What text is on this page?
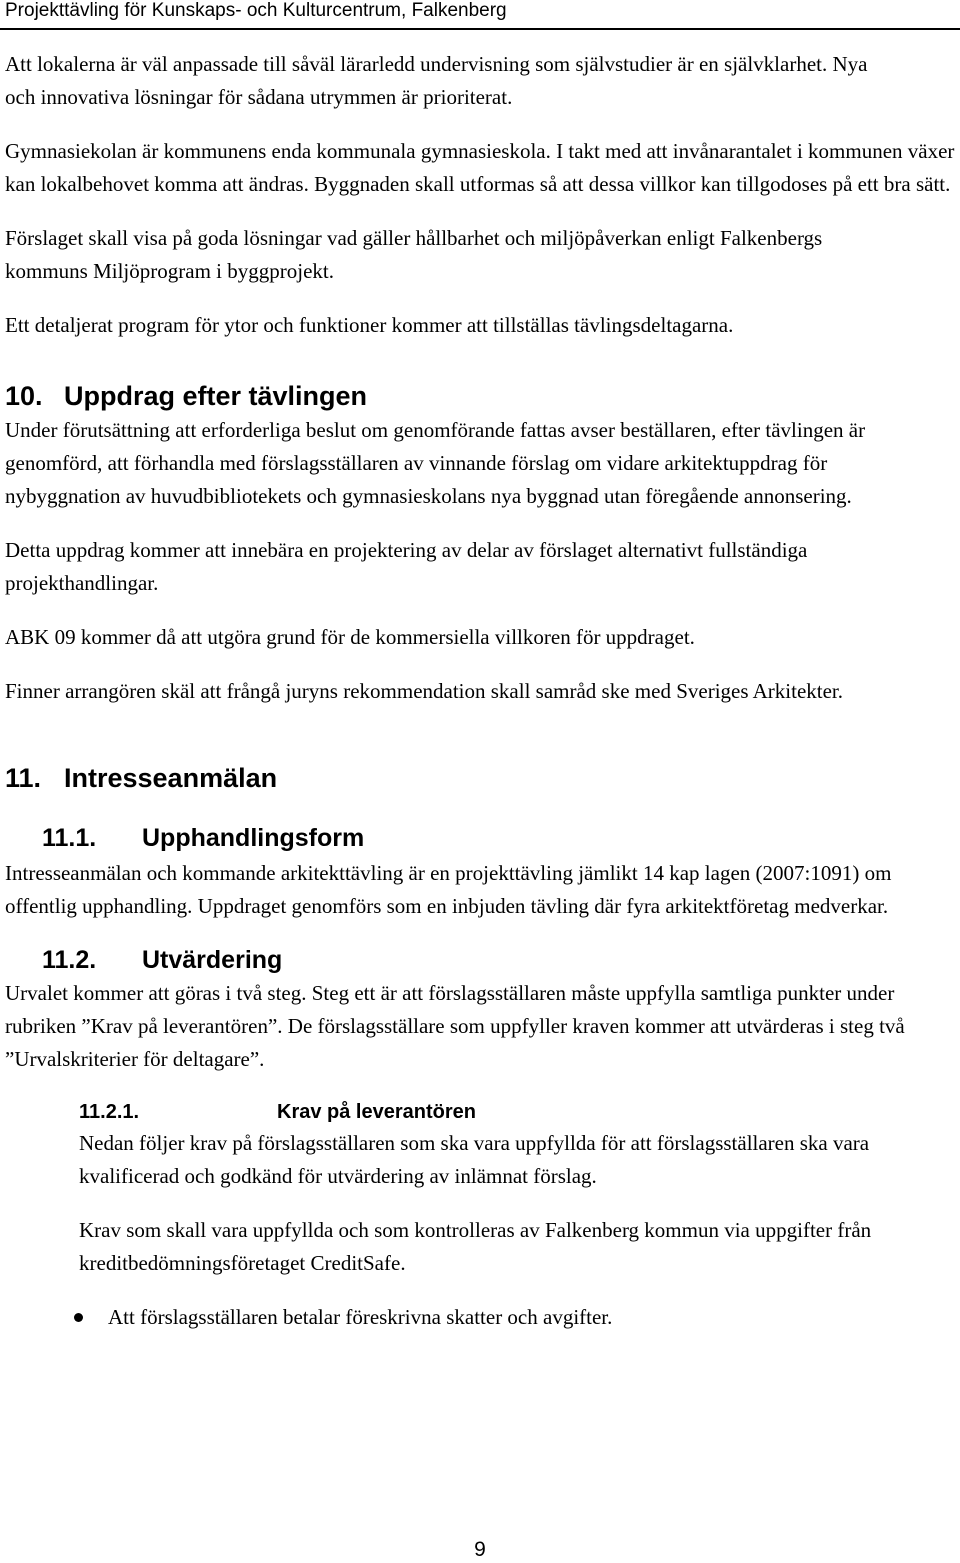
Projekttävling för Kunskaps- och Kulturcentrum, Falkenberg

Att lokalerna är väl anpassade till såväl lärarledd undervisning som självstudier är en självklarhet. Nya och innovativa lösningar för sådana utrymmen är prioriterat.

Gymnasiekolan är kommunens enda kommunala gymnasieskola. I takt med att invånarantalet i kommunen växer kan lokalbehovet komma att ändras. Byggnaden skall utformas så att dessa villkor kan tillgodoses på ett bra sätt.

Förslaget skall visa på goda lösningar vad gäller hållbarhet och miljöpåverkan enligt Falkenbergs kommuns Miljöprogram i byggprojekt.

Ett detaljerat program för ytor och funktioner kommer att tillställas tävlingsdeltagarna.

10. Uppdrag efter tävlingen

Under förutsättning att erforderliga beslut om genomförande fattas avser beställaren, efter tävlingen är genomförd, att förhandla med förslagsställaren av vinnande förslag om vidare arkitektuppdrag för nybyggnation av huvudbibliotekets och gymnasieskolans nya byggnad utan föregående annonsering.

Detta uppdrag kommer att innebära en projektering av delar av förslaget alternativt fullständiga projekthandlingar.

ABK 09 kommer då att utgöra grund för de kommersiella villkoren för uppdraget.

Finner arrangören skäl att frångå juryns rekommendation skall samråd ske med Sveriges Arkitekter.

11. Intresseanmälan
11.1.	Upphandlingsform

Intresseanmälan och kommande arkitekttävling är en projekttävling jämlikt 14 kap lagen (2007:1091) om offentlig upphandling. Uppdraget genomförs som en inbjuden tävling där fyra arkitektföretag medverkar.

11.2.	Utvärdering

Urvalet kommer att göras i två steg. Steg ett är att förslagsställaren måste uppfylla samtliga punkter under rubriken ”Krav på leverantören”. De förslagsställare som uppfyller kraven kommer att utvärderas i steg två ”Urvalskriterier för deltagare”.

11.2.1.	Krav på leverantören

Nedan följer krav på förslagsställaren som ska vara uppfyllda för att förslagsställaren ska vara kvalificerad och godkänd för utvärdering av inlämnat förslag.

Krav som skall vara uppfyllda och som kontrolleras av Falkenberg kommun via uppgifter från kreditbedömningsföretaget CreditSafe.

Att förslagsställaren betalar föreskrivna skatter och avgifter.
9
